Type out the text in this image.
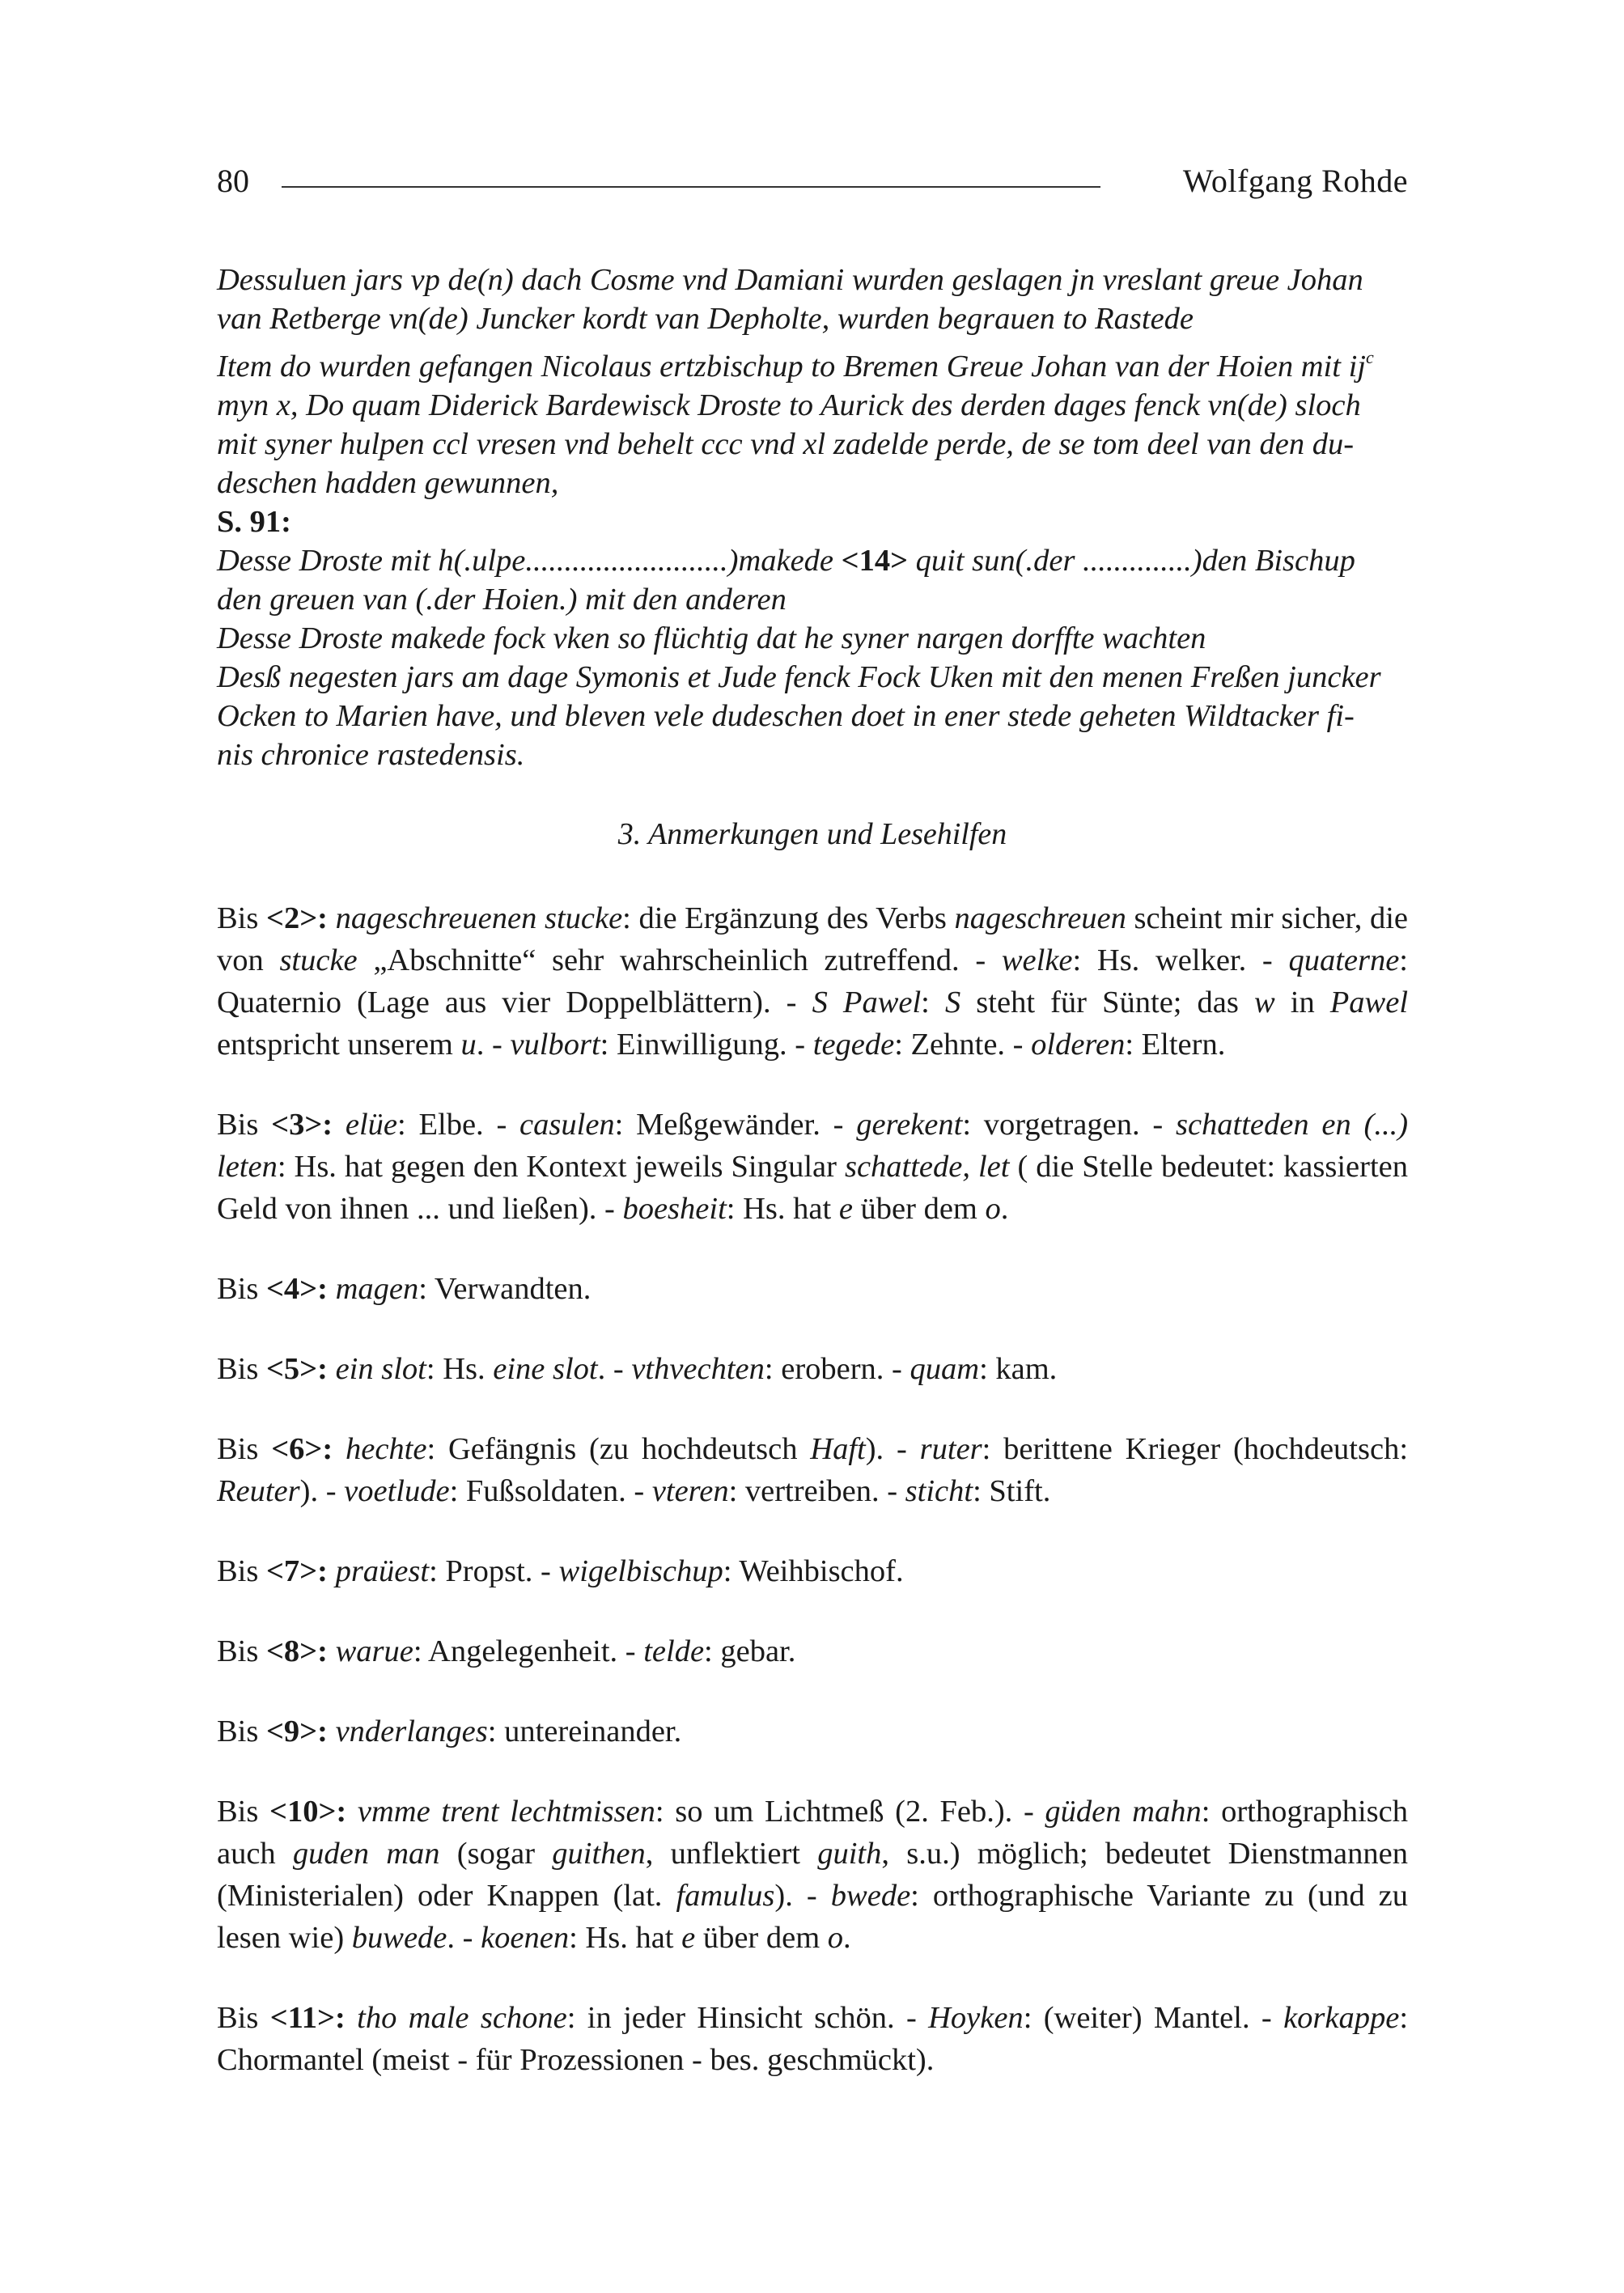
80	Wolfgang Rohde
Dessuluen jars vp de(n) dach Cosme vnd Damiani wurden geslagen jn vreslant greue Johan
van Retberge vn(de) Juncker kordt van Depholte, wurden begrauen to Rastede
Item do wurden gefangen Nicolaus ertzbischup to Bremen Greue Johan van der Hoien mit $ij^c$
myn x, Do quam Diderick Bardewisck Droste to Aurick des derden dages fenck vn(de) sloch
mit syner hulpen ccl vresen vnd behelt ccc vnd xl zadelde perde, de se tom deel van den du-
deschen hadden gewunnen,
S. 91:
Desse Droste mit h(.ulpe..........................)makede <14> quit sun(.der ..............)den Bischup
den greuen van (.der Hoien.) mit den anderen
Desse Droste makede fock vken so flüchtig dat he syner nargen dorffte wachten
Desß negesten jars am dage Symonis et Jude fenck Fock Uken mit den menen Freßen juncker
Ocken to Marien have, und bleven vele dudeschen doet in ener stede geheten Wildtacker fi-
nis chronice rastedensis.
3. Anmerkungen und Lesehilfen

Bis <2>: nageschreuenen stucke: die Ergänzung des Verbs nageschreuen scheint mir sicher, die von stucke „Abschnitte“ sehr wahrscheinlich zutreffend. - welke: Hs. welker. - quaterne: Quaternio (Lage aus vier Doppelblättern). - S Pawel: S steht für Sünte; das w in Pawel entspricht unserem u. - vulbort: Einwilligung. - tegede: Zehnte. - olderen: Eltern.

Bis <3>: elüe: Elbe. - casulen: Meßgewänder. - gerekent: vorgetragen. - schatteden en (...) leten: Hs. hat gegen den Kontext jeweils Singular schattede, let ( die Stelle bedeutet: kassierten Geld von ihnen ... und ließen). - boesheit: Hs. hat e über dem o.

Bis <4>: magen: Verwandten.

Bis <5>: ein slot: Hs. eine slot. - vthvechten: erobern. - quam: kam.

Bis <6>: hechte: Gefängnis (zu hochdeutsch Haft). - ruter: berittene Krieger (hochdeutsch: Reuter). - voetlude: Fußsoldaten. - vteren: vertreiben. - sticht: Stift.

Bis <7>: praüest: Propst. - wigelbischup: Weihbischof.

Bis <8>: warue: Angelegenheit. - telde: gebar.

Bis <9>: vnderlanges: untereinander.

Bis <10>: vmme trent lechtmissen: so um Lichtmeß (2. Feb.). - güden mahn: orthographisch auch guden man (sogar guithen, unflektiert guith, s.u.) möglich; bedeutet Dienstmannen (Ministerialen) oder Knappen (lat. famulus). - bwede: orthographische Variante zu (und zu lesen wie) buwede. - koenen: Hs. hat e über dem o.

Bis <11>: tho male schone: in jeder Hinsicht schön. - Hoyken: (weiter) Mantel. - korkappe: Chormantel (meist - für Prozessionen - bes. geschmückt).
